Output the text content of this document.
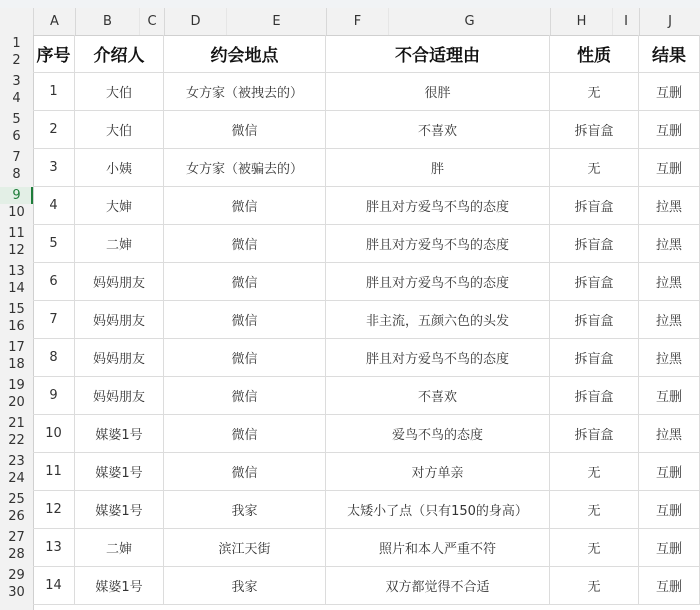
A	B	C	D	E	F	G	H	I	J
1
2
3
4
5
6
7
8
9
10
11
12
13
14
15
16
17
18
19
20
21
22
23
24
25
26
27
28
29
30
序号	介绍人	约会地点	不合适理由	性质	结果
1	大伯	女方家（被拽去的）	很胖	无	互删
2	大伯	微信	不喜欢	拆盲盒	互删
3	小姨	女方家（被骗去的）	胖	无	互删
4	大婶	微信	胖且对方爱鸟不鸟的态度	拆盲盒	拉黑
5	二婶	微信	胖且对方爱鸟不鸟的态度	拆盲盒	拉黑
6	妈妈朋友	微信	胖且对方爱鸟不鸟的态度	拆盲盒	拉黑
7	妈妈朋友	微信	非主流，五颜六色的头发	拆盲盒	拉黑
8	妈妈朋友	微信	胖且对方爱鸟不鸟的态度	拆盲盒	拉黑
9	妈妈朋友	微信	不喜欢	拆盲盒	互删
10	媒婆1号	微信	爱鸟不鸟的态度	拆盲盒	拉黑
11	媒婆1号	微信	对方单亲	无	互删
12	媒婆1号	我家	太矮小了点（只有150的身高）	无	互删
13	二婶	滨江天街	照片和本人严重不符	无	互删
14	媒婆1号	我家	双方都觉得不合适	无	互删
